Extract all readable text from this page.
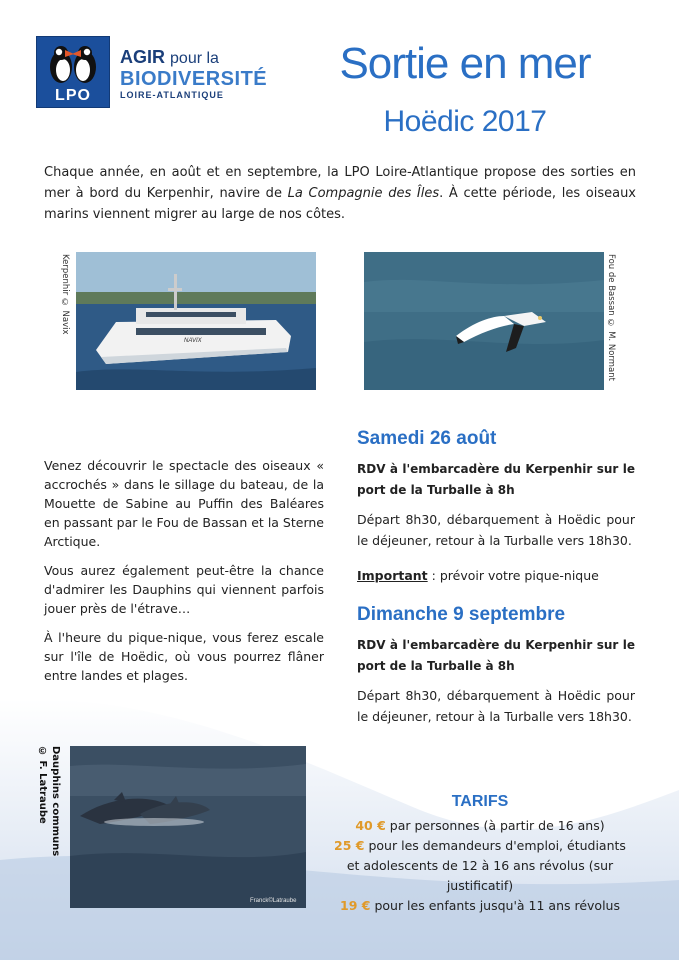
LPO
AGIR pour la
BIODIVERSITÉ
LOIRE-ATLANTIQUE
Sortie en mer
Hoëdic 2017
Chaque année, en août et en septembre, la LPO Loire-Atlantique propose des sorties en mer à bord du Kerpenhir, navire de La Compagnie des Îles. À cette période, les oiseaux marins viennent migrer au large de nos côtes.
Kerpenhir © Navix
NAVIX	Fou de Bassan © M. Normant

Venez découvrir le spectacle des oiseaux « accrochés » dans le sillage du bateau, de la Mouette de Sabine au Puffin des Baléares en passant par le Fou de Bassan et la Sterne Arctique.

Vous aurez également peut-être la chance d'admirer les Dauphins qui viennent parfois jouer près de l'étrave…

À l'heure du pique-nique, vous ferez escale sur l'île de Hoëdic, où vous pourrez flâner entre landes et plages.

Samedi 26 août
RDV à l'embarcadère du Kerpenhir sur le port de la Turballe à 8h
Départ 8h30, débarquement à Hoëdic pour le déjeuner, retour à la Turballe vers 18h30.
Important : prévoir votre pique-nique
Dimanche 9 septembre
RDV à l'embarcadère du Kerpenhir sur le port de la Turballe à 8h
Départ 8h30, débarquement à Hoëdic pour le déjeuner, retour à la Turballe vers 18h30.
Dauphins communs © F. Latraube
Franck©Latraube
TARIFS
40 € par personnes (à partir de 16 ans)
25 € pour les demandeurs d'emploi, étudiants et adolescents de 12 à 16 ans révolus (sur justificatif)
19 € pour les enfants jusqu'à 11 ans révolus
